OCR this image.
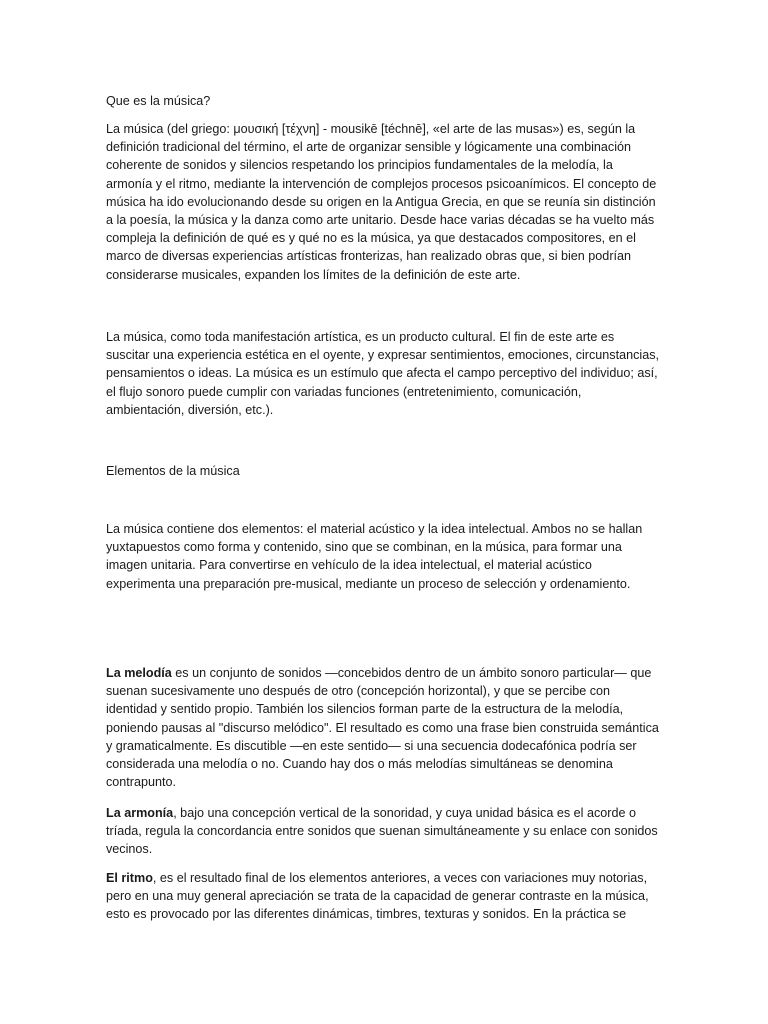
Que es la música?
La música (del griego: μουσική [τέχνη] - mousikē [téchnē], «el arte de las musas») es, según la
definición tradicional del término, el arte de organizar sensible y lógicamente una combinación
coherente de sonidos y silencios respetando los principios fundamentales de la melodía, la
armonía y el ritmo, mediante la intervención de complejos procesos psicoanímicos. El concepto de
música ha ido evolucionando desde su origen en la Antigua Grecia, en que se reunía sin distinción
a la poesía, la música y la danza como arte unitario. Desde hace varias décadas se ha vuelto más
compleja la definición de qué es y qué no es la música, ya que destacados compositores, en el
marco de diversas experiencias artísticas fronterizas, han realizado obras que, si bien podrían
considerarse musicales, expanden los límites de la definición de este arte.
La música, como toda manifestación artística, es un producto cultural. El fin de este arte es
suscitar una experiencia estética en el oyente, y expresar sentimientos, emociones, circunstancias,
pensamientos o ideas. La música es un estímulo que afecta el campo perceptivo del individuo; así,
el flujo sonoro puede cumplir con variadas funciones (entretenimiento, comunicación,
ambientación, diversión, etc.).
Elementos de la música
La música contiene dos elementos: el material acústico y la idea intelectual. Ambos no se hallan
yuxtapuestos como forma y contenido, sino que se combinan, en la música, para formar una
imagen unitaria. Para convertirse en vehículo de la idea intelectual, el material acústico
experimenta una preparación pre-musical, mediante un proceso de selección y ordenamiento.
La melodía es un conjunto de sonidos —concebidos dentro de un ámbito sonoro particular— que
suenan sucesivamente uno después de otro (concepción horizontal), y que se percibe con
identidad y sentido propio. También los silencios forman parte de la estructura de la melodía,
poniendo pausas al "discurso melódico". El resultado es como una frase bien construida semántica
y gramaticalmente. Es discutible —en este sentido— si una secuencia dodecafónica podría ser
considerada una melodía o no. Cuando hay dos o más melodías simultáneas se denomina
contrapunto.
La armonía, bajo una concepción vertical de la sonoridad, y cuya unidad básica es el acorde o
tríada, regula la concordancia entre sonidos que suenan simultáneamente y su enlace con sonidos
vecinos.
El ritmo, es el resultado final de los elementos anteriores, a veces con variaciones muy notorias,
pero en una muy general apreciación se trata de la capacidad de generar contraste en la música,
esto es provocado por las diferentes dinámicas, timbres, texturas y sonidos. En la práctica se
